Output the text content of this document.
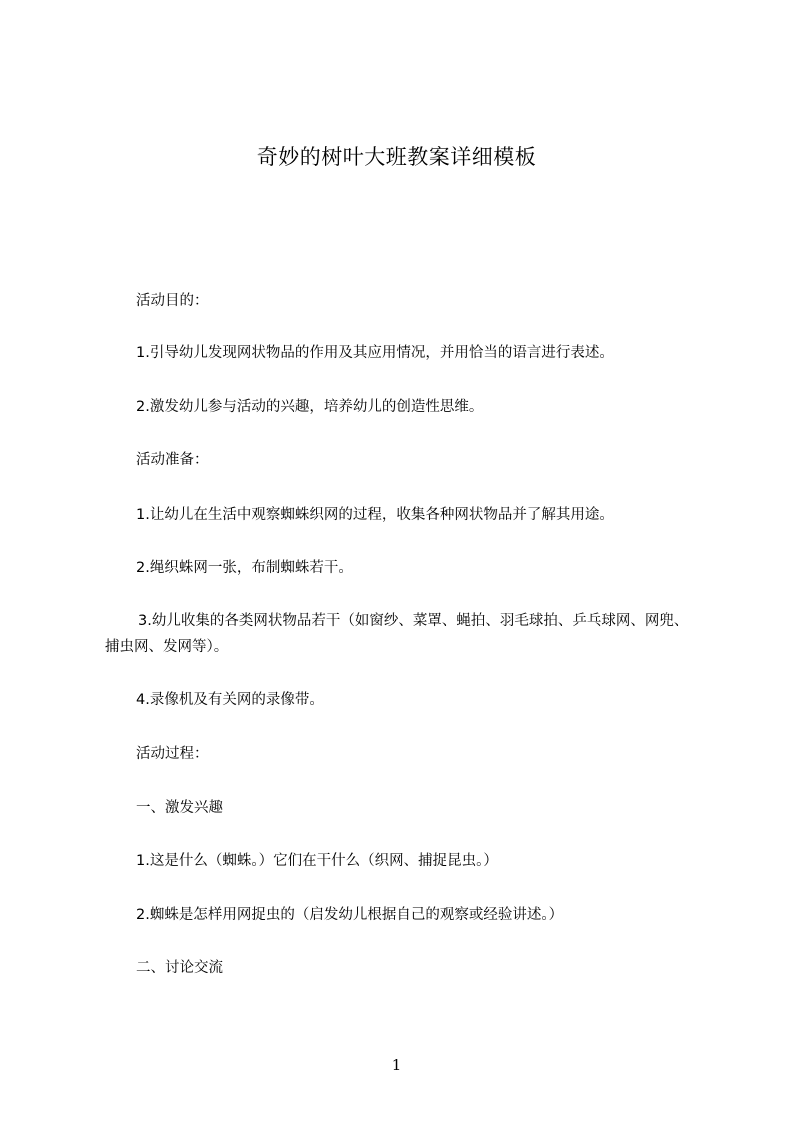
奇妙的树叶大班教案详细模板
活动目的：
1.引导幼儿发现网状物品的作用及其应用情况，并用恰当的语言进行表述。
2.激发幼儿参与活动的兴趣，培养幼儿的创造性思维。
活动准备：
1.让幼儿在生活中观察蜘蛛织网的过程，收集各种网状物品并了解其用途。
2.绳织蛛网一张，布制蜘蛛若干。
3.幼儿收集的各类网状物品若干（如窗纱、菜罩、蝇拍、羽毛球拍、乒乓球网、网兜、捕虫网、发网等）。
4.录像机及有关网的录像带。
活动过程：
一、激发兴趣
1.这是什么（蜘蛛。）它们在干什么（织网、捕捉昆虫。）
2.蜘蛛是怎样用网捉虫的（启发幼儿根据自己的观察或经验讲述。）
二、讨论交流
1
